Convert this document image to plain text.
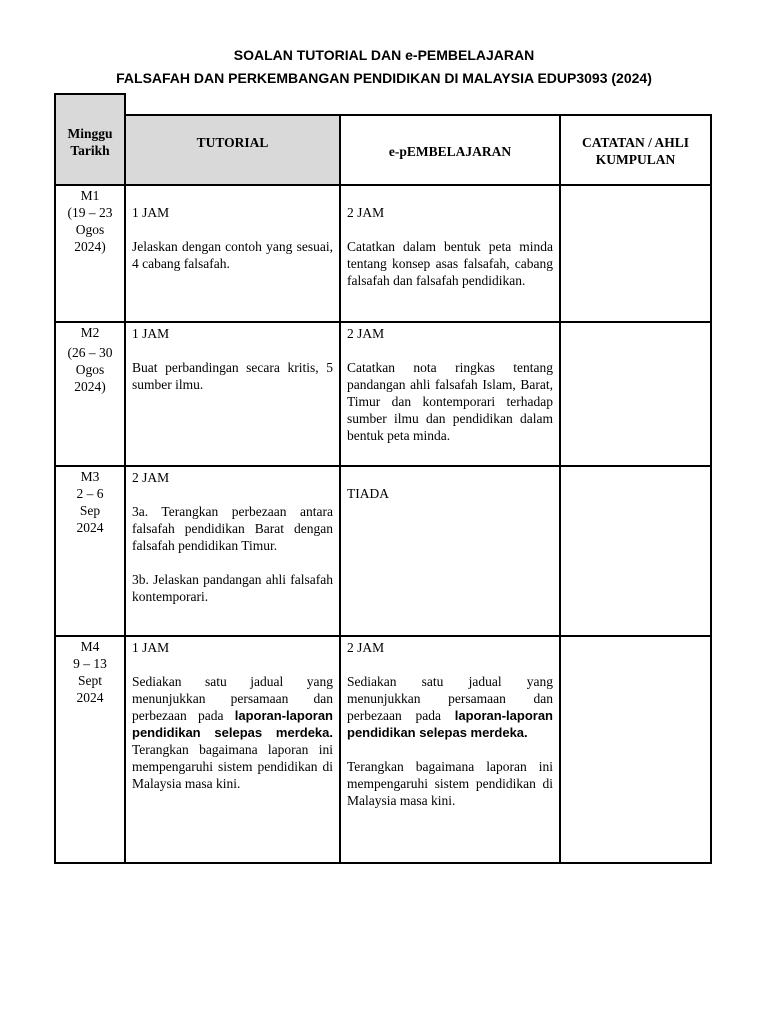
SOALAN TUTORIAL DAN e-PEMBELAJARAN
FALSAFAH DAN PERKEMBANGAN PENDIDIKAN DI MALAYSIA EDUP3093 (2024)
Minggu
Tarikh
TUTORIAL
e-pEMBELAJARAN
CATATAN / AHLI
KUMPULAN
M1
(19 – 23
Ogos
2024)

1 JAM

Jelaskan dengan contoh yang sesuai, 4 cabang falsafah.

2 JAM

Catatkan dalam bentuk peta minda tentang konsep asas falsafah, cabang falsafah dan falsafah pendidikan.

M2
(26 – 30
Ogos
2024)

1 JAM

Buat perbandingan secara kritis, 5 sumber ilmu.

2 JAM

Catatkan nota ringkas tentang pandangan ahli falsafah Islam, Barat, Timur dan kontemporari terhadap sumber ilmu dan pendidikan dalam bentuk peta minda.

M3
2 – 6
Sep
2024

2 JAM

3a. Terangkan perbezaan antara falsafah pendidikan Barat dengan falsafah pendidikan Timur.

3b. Jelaskan pandangan ahli falsafah kontemporari.

TIADA

M4
9 – 13
Sept
2024

1 JAM

Sediakan satu jadual yang menunjukkan persamaan dan perbezaan pada laporan-laporan pendidikan selepas merdeka. Terangkan bagaimana laporan ini mempengaruhi sistem pendidikan di Malaysia masa kini.

2 JAM

Sediakan satu jadual yang menunjukkan persamaan dan perbezaan pada laporan-laporan pendidikan selepas merdeka.

Terangkan bagaimana laporan ini mempengaruhi sistem pendidikan di Malaysia masa kini.
